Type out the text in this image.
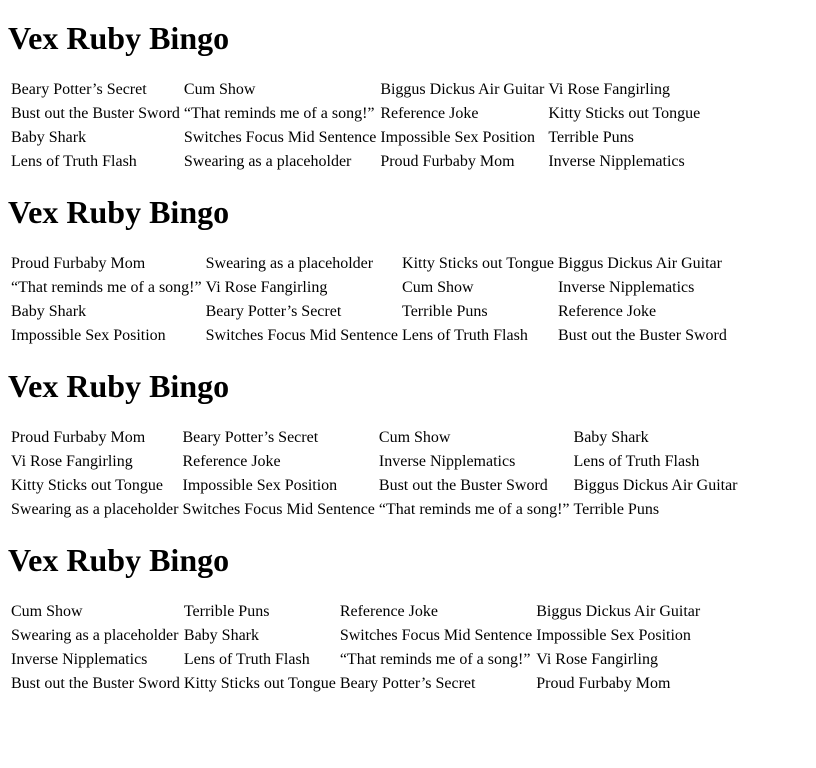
Vex Ruby Bingo
Beary Potter’s Secret	Cum Show	Biggus Dickus Air Guitar	Vi Rose Fangirling
Bust out the Buster Sword	“That reminds me of a song!”	Reference Joke	Kitty Sticks out Tongue
Baby Shark	Switches Focus Mid Sentence	Impossible Sex Position	Terrible Puns
Lens of Truth Flash	Swearing as a placeholder	Proud Furbaby Mom	Inverse Nipplematics
Vex Ruby Bingo
Proud Furbaby Mom	Swearing as a placeholder	Kitty Sticks out Tongue	Biggus Dickus Air Guitar
“That reminds me of a song!”	Vi Rose Fangirling	Cum Show	Inverse Nipplematics
Baby Shark	Beary Potter’s Secret	Terrible Puns	Reference Joke
Impossible Sex Position	Switches Focus Mid Sentence	Lens of Truth Flash	Bust out the Buster Sword
Vex Ruby Bingo
Proud Furbaby Mom	Beary Potter’s Secret	Cum Show	Baby Shark
Vi Rose Fangirling	Reference Joke	Inverse Nipplematics	Lens of Truth Flash
Kitty Sticks out Tongue	Impossible Sex Position	Bust out the Buster Sword	Biggus Dickus Air Guitar
Swearing as a placeholder	Switches Focus Mid Sentence	“That reminds me of a song!”	Terrible Puns
Vex Ruby Bingo
Cum Show	Terrible Puns	Reference Joke	Biggus Dickus Air Guitar
Swearing as a placeholder	Baby Shark	Switches Focus Mid Sentence	Impossible Sex Position
Inverse Nipplematics	Lens of Truth Flash	“That reminds me of a song!”	Vi Rose Fangirling
Bust out the Buster Sword	Kitty Sticks out Tongue	Beary Potter’s Secret	Proud Furbaby Mom
